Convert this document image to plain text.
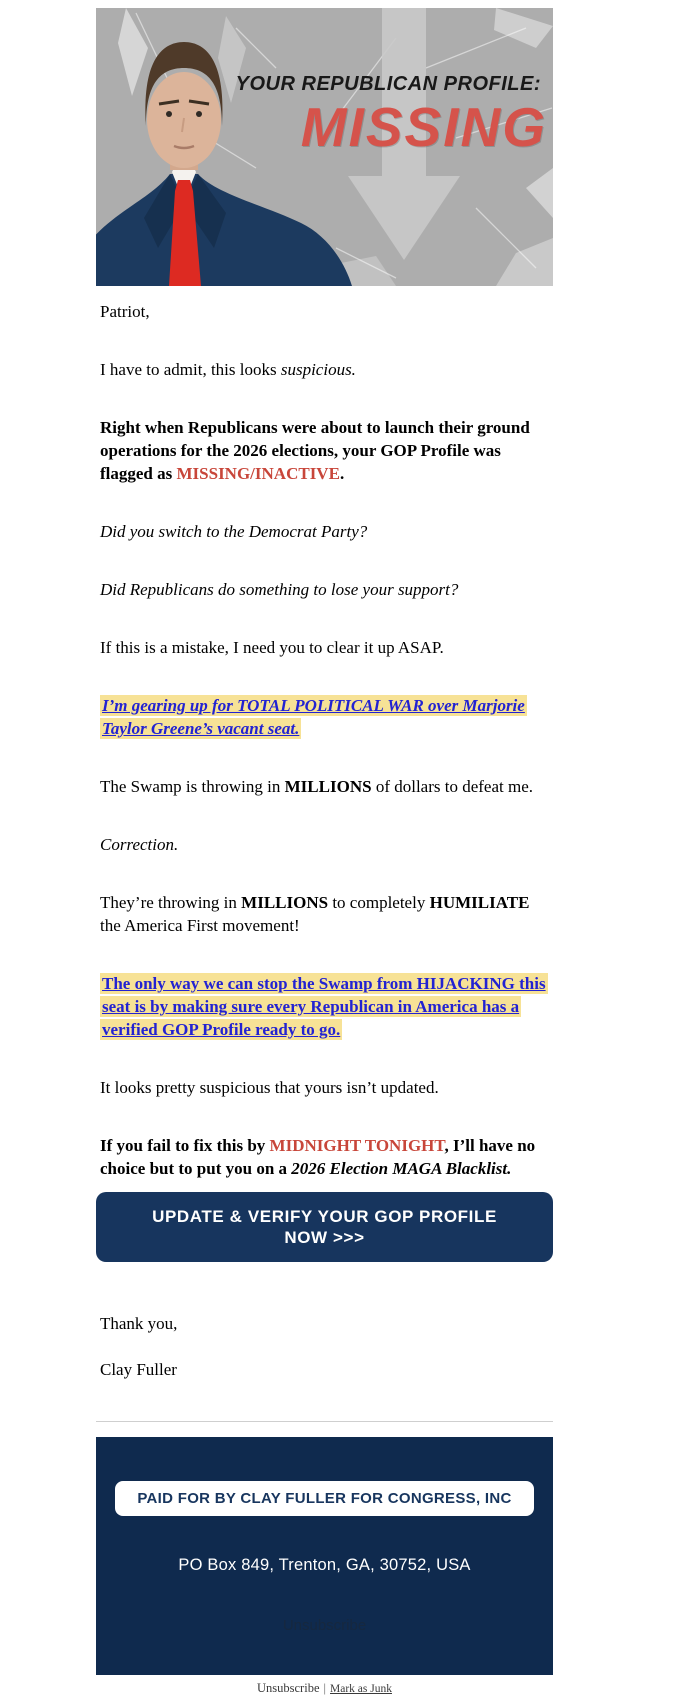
YOUR REPUBLICAN PROFILE:
MISSING

Patriot,

I have to admit, this looks suspicious.

Right when Republicans were about to launch their ground operations for the 2026 elections, your GOP Profile was flagged as MISSING/INACTIVE.

Did you switch to the Democrat Party?

Did Republicans do something to lose your support?

If this is a mistake, I need you to clear it up ASAP.

I’m gearing up for TOTAL POLITICAL WAR over Marjorie Taylor Greene’s vacant seat.

The Swamp is throwing in MILLIONS of dollars to defeat me.

Correction.

They’re throwing in MILLIONS to completely HUMILIATE the America First movement!

The only way we can stop the Swamp from HIJACKING this seat is by making sure every Republican in America has a verified GOP Profile ready to go.

It looks pretty suspicious that yours isn’t updated.

If you fail to fix this by MIDNIGHT TONIGHT, I’ll have no choice but to put you on a 2026 Election MAGA Blacklist.

UPDATE & VERIFY YOUR GOP PROFILE
NOW >>>

Thank you,

Clay Fuller

PAID FOR BY CLAY FULLER FOR CONGRESS, INC
PO Box 849, Trenton, GA, 30752, USA
Unsubscribe
Unsubscribe | Mark as Junk
